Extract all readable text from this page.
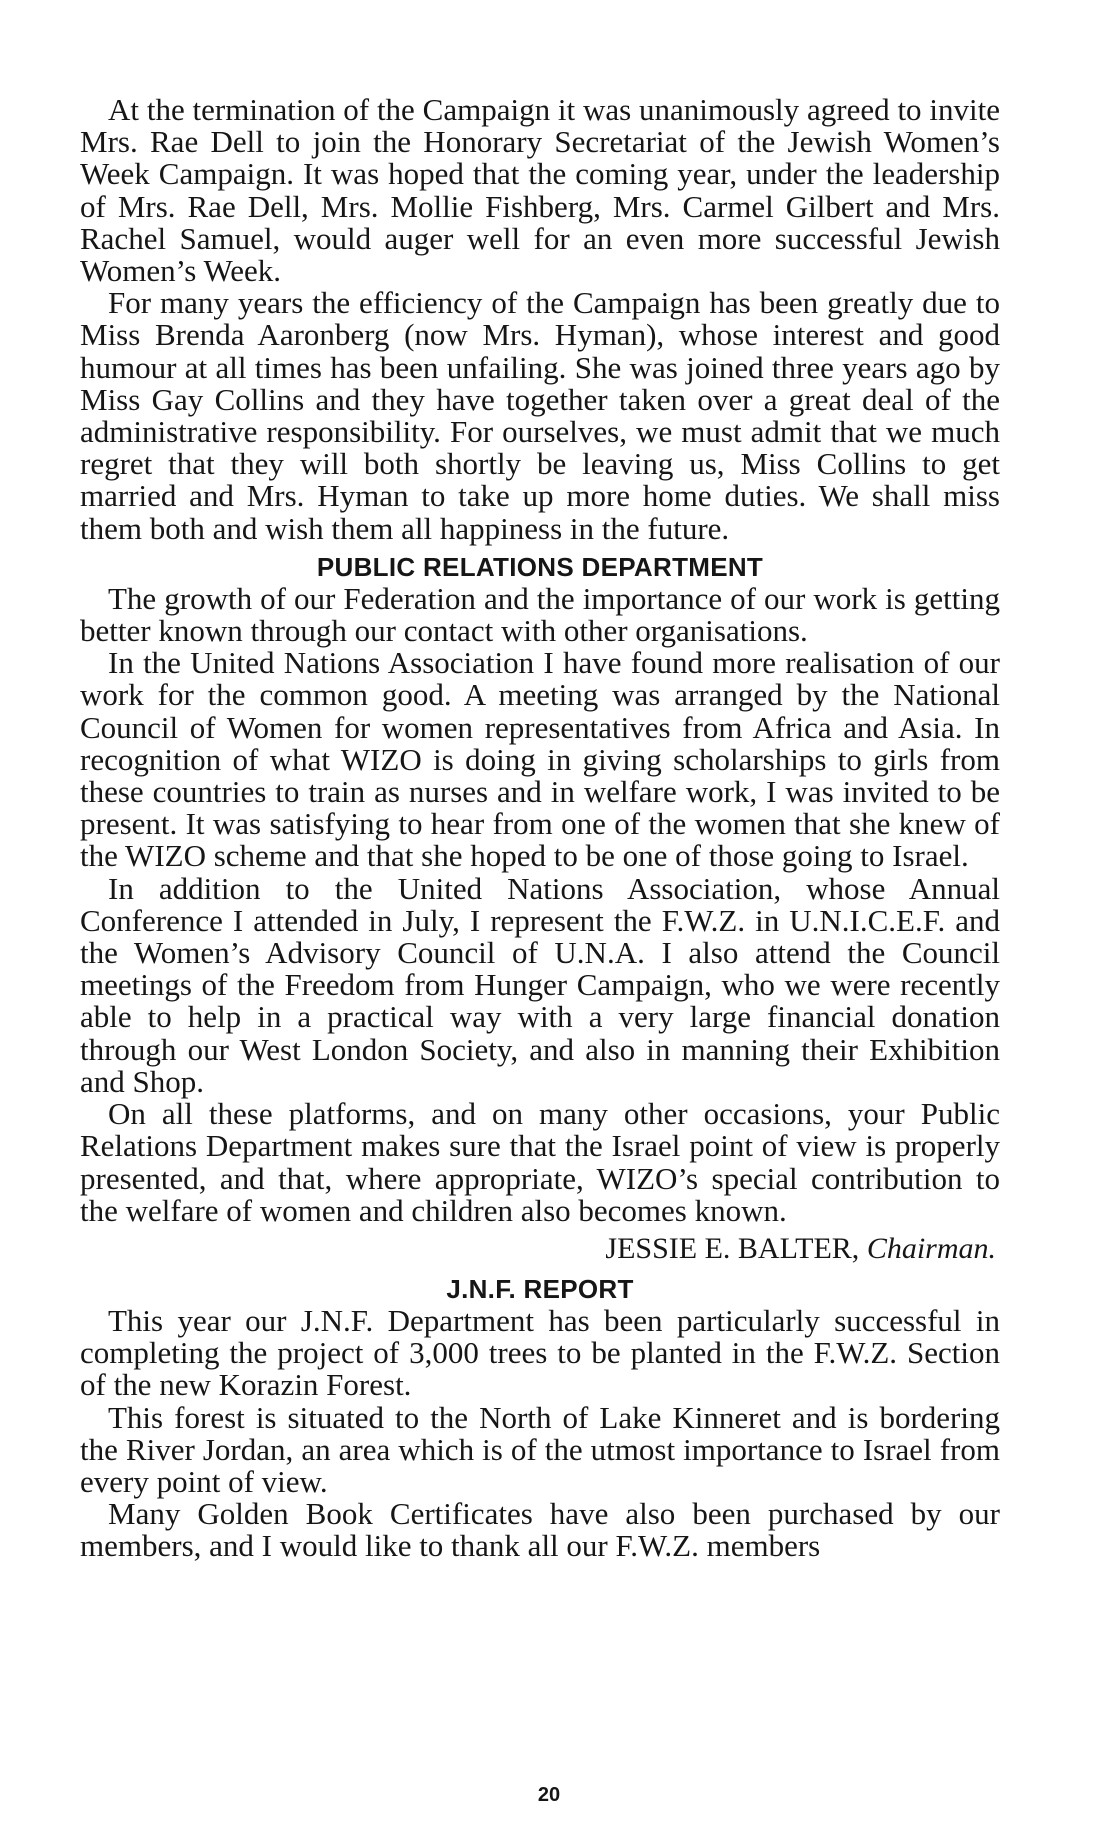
At the termination of the Campaign it was unanimously agreed to invite Mrs. Rae Dell to join the Honorary Secretariat of the Jewish Women’s Week Campaign. It was hoped that the coming year, under the leadership of Mrs. Rae Dell, Mrs. Mollie Fishberg, Mrs. Carmel Gilbert and Mrs. Rachel Samuel, would auger well for an even more successful Jewish Women’s Week.

For many years the efficiency of the Campaign has been greatly due to Miss Brenda Aaronberg (now Mrs. Hyman), whose interest and good humour at all times has been unfailing. She was joined three years ago by Miss Gay Collins and they have together taken over a great deal of the administrative responsibility. For ourselves, we must admit that we much regret that they will both shortly be leaving us, Miss Collins to get married and Mrs. Hyman to take up more home duties. We shall miss them both and wish them all happiness in the future.

PUBLIC RELATIONS DEPARTMENT

The growth of our Federation and the importance of our work is getting better known through our contact with other organisations.

In the United Nations Association I have found more realisation of our work for the common good. A meeting was arranged by the National Council of Women for women representatives from Africa and Asia. In recognition of what WIZO is doing in giving scholarships to girls from these countries to train as nurses and in welfare work, I was invited to be present. It was satisfying to hear from one of the women that she knew of the WIZO scheme and that she hoped to be one of those going to Israel.

In addition to the United Nations Association, whose Annual Conference I attended in July, I represent the F.W.Z. in U.N.I.C.E.F. and the Women’s Advisory Council of U.N.A. I also attend the Council meetings of the Freedom from Hunger Campaign, who we were recently able to help in a practical way with a very large financial donation through our West London Society, and also in manning their Exhibition and Shop.

On all these platforms, and on many other occasions, your Public Relations Department makes sure that the Israel point of view is properly presented, and that, where appropriate, WIZO’s special contribution to the welfare of women and children also becomes known.

JESSIE E. BALTER, Chairman.

J.N.F. REPORT

This year our J.N.F. Department has been particularly successful in completing the project of 3,000 trees to be planted in the F.W.Z. Section of the new Korazin Forest.

This forest is situated to the North of Lake Kinneret and is bordering the River Jordan, an area which is of the utmost importance to Israel from every point of view.

Many Golden Book Certificates have also been purchased by our members, and I would like to thank all our F.W.Z. members

20
